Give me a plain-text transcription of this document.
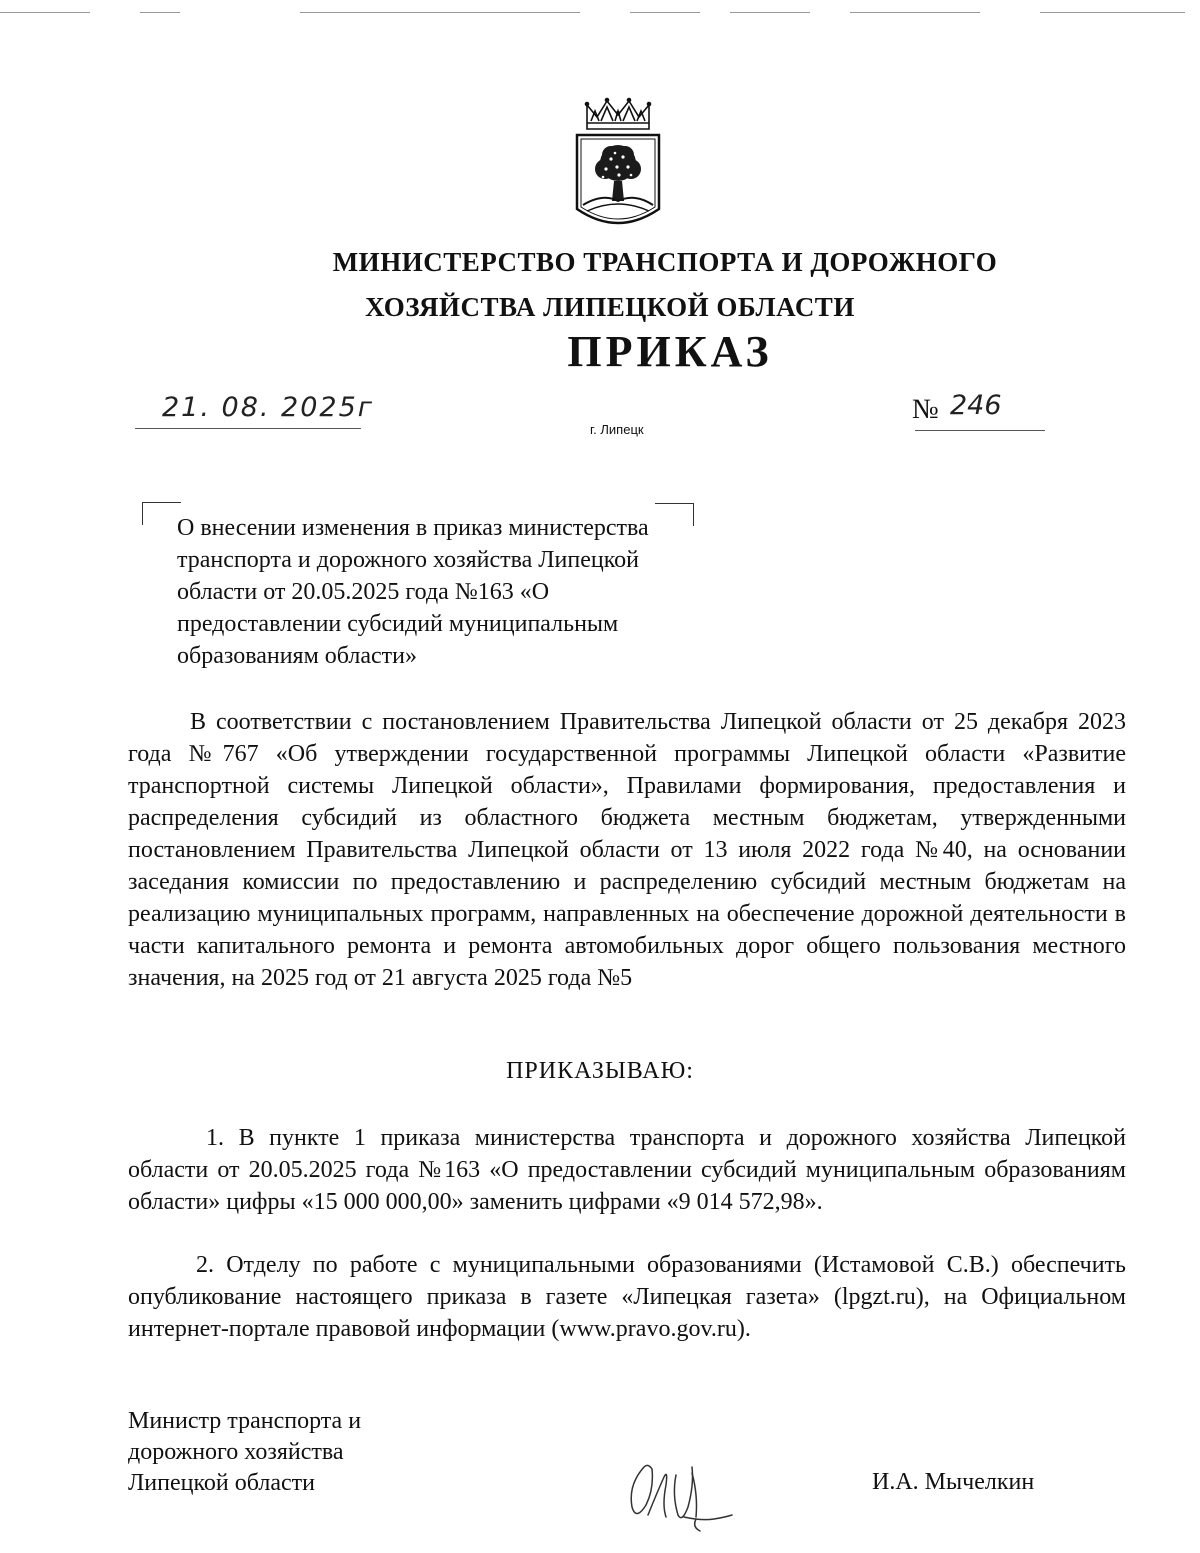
МИНИСТЕРСТВО ТРАНСПОРТА И ДОРОЖНОГО
ХОЗЯЙСТВА ЛИПЕЦКОЙ ОБЛАСТИ
ПРИКАЗ
21. 08. 2025г
г. Липецк
№ 246
О внесении изменения в приказ министерства транспорта и дорожного хозяйства Липецкой области от 20.05.2025 года №163 «О предоставлении субсидий муниципальным образованиям области»
В соответствии с постановлением Правительства Липецкой области от 25 декабря 2023 года №767 «Об утверждении государственной программы Липецкой области «Развитие транспортной системы Липецкой области», Правилами формирования, предоставления и распределения субсидий из областного бюджета местным бюджетам, утвержденными постановлением Правительства Липецкой области от 13 июля 2022 года №40, на основании заседания комиссии по предоставлению и распределению субсидий местным бюджетам на реализацию муниципальных программ, направленных на обеспечение дорожной деятельности в части капитального ремонта и ремонта автомобильных дорог общего пользования местного значения, на 2025 год от 21 августа 2025 года №5
ПРИКАЗЫВАЮ:
1. В пункте 1 приказа министерства транспорта и дорожного хозяйства Липецкой области от 20.05.2025 года №163 «О предоставлении субсидий муниципальным образованиям области» цифры «15 000 000,00» заменить цифрами «9 014 572,98».
2. Отделу по работе с муниципальными образованиями (Истамовой С.В.) обеспечить опубликование настоящего приказа в газете «Липецкая газета» (lpgzt.ru), на Официальном интернет-портале правовой информации (www.pravo.gov.ru).
Министр транспорта и
дорожного хозяйства
Липецкой области	И.А. Мычелкин
